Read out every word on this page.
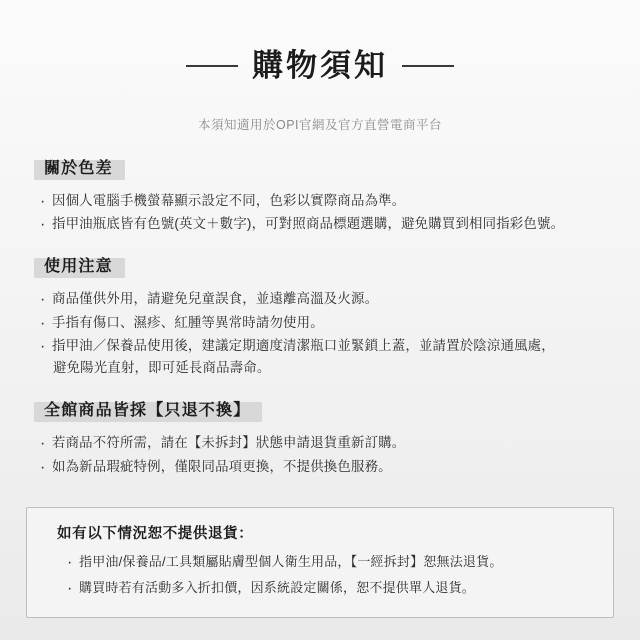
購物須知
本須知適用於OPI官網及官方直營電商平台
關於色差
· 因個人電腦手機螢幕顯示設定不同，色彩以實際商品為準。
· 指甲油瓶底皆有色號(英文＋數字)，可對照商品標題選購，避免購買到相同指彩色號。
使用注意
· 商品僅供外用，請避免兒童誤食，並遠離高溫及火源。
· 手指有傷口、濕疹、紅腫等異常時請勿使用。
· 指甲油／保養品使用後，建議定期適度清潔瓶口並緊鎖上蓋，並請置於陰涼通風處，
避免陽光直射，即可延長商品壽命。
全館商品皆採【只退不換】
· 若商品不符所需，請在【未拆封】狀態申請退貨重新訂購。
· 如為新品瑕疵特例，僅限同品項更換，不提供換色服務。
如有以下情況恕不提供退貨：
· 指甲油/保養品/工具類屬貼膚型個人衛生用品，【一經拆封】恕無法退貨。
· 購買時若有活動多入折扣價，因系統設定關係，恕不提供單人退貨。
